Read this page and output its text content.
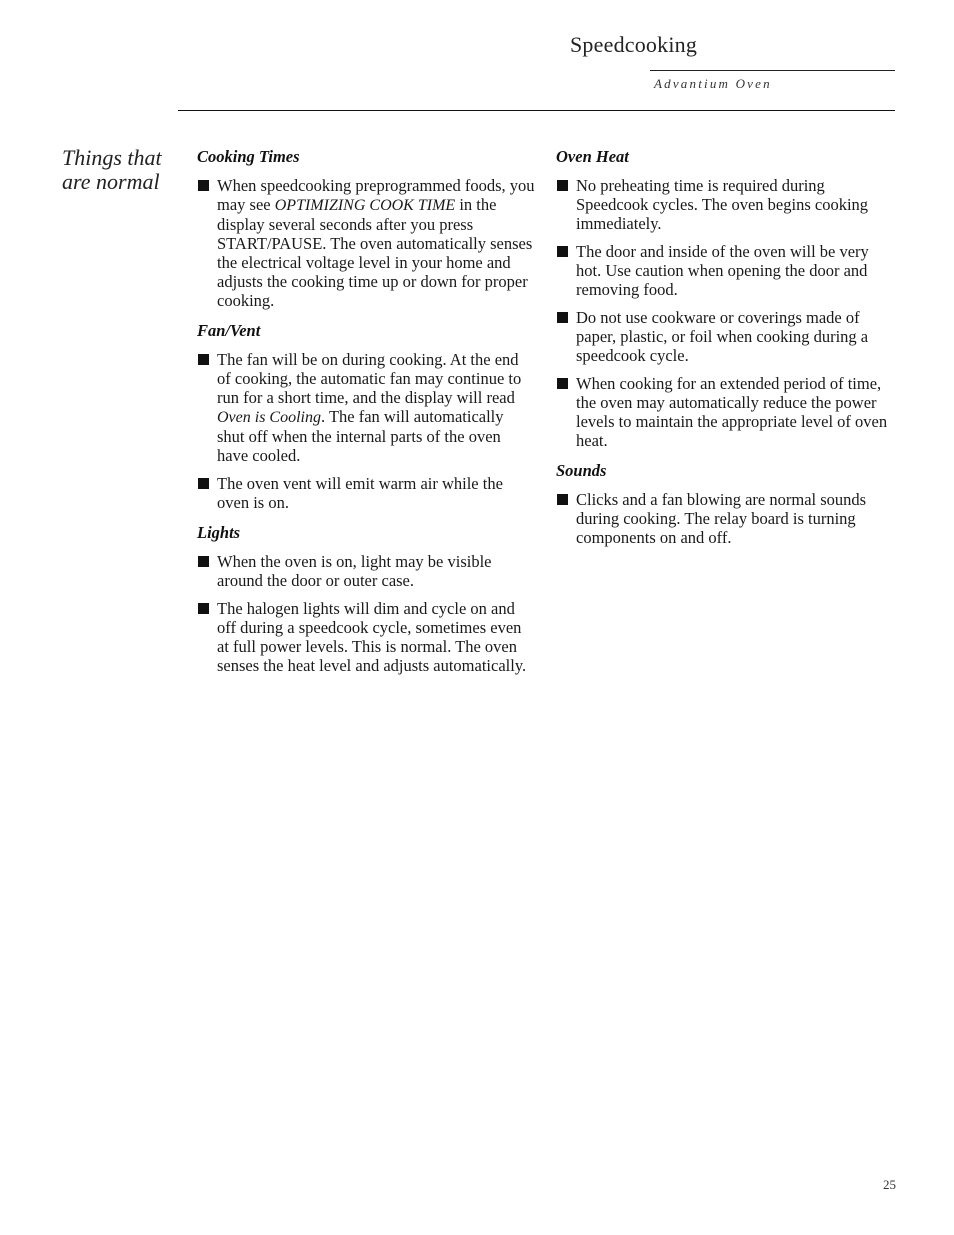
Speedcooking
Advantium Oven
Things that are normal
Cooking Times
When speedcooking preprogrammed foods, you may see OPTIMIZING COOK TIME in the display several seconds after you press START/PAUSE. The oven automatically senses the electrical voltage level in your home and adjusts the cooking time up or down for proper cooking.
Fan/Vent
The fan will be on during cooking. At the end of cooking, the automatic fan may continue to run for a short time, and the display will read Oven is Cooling. The fan will automatically shut off when the internal parts of the oven have cooled.
The oven vent will emit warm air while the oven is on.
Lights
When the oven is on, light may be visible around the door or outer case.
The halogen lights will dim and cycle on and off during a speedcook cycle, sometimes even at full power levels. This is normal. The oven senses the heat level and adjusts automatically.
Oven Heat
No preheating time is required during Speedcook cycles. The oven begins cooking immediately.
The door and inside of the oven will be very hot. Use caution when opening the door and removing food.
Do not use cookware or coverings made of paper, plastic, or foil when cooking during a speedcook cycle.
When cooking for an extended period of time, the oven may automatically reduce the power levels to maintain the appropriate level of oven heat.
Sounds
Clicks and a fan blowing are normal sounds during cooking. The relay board is turning components on and off.
25
